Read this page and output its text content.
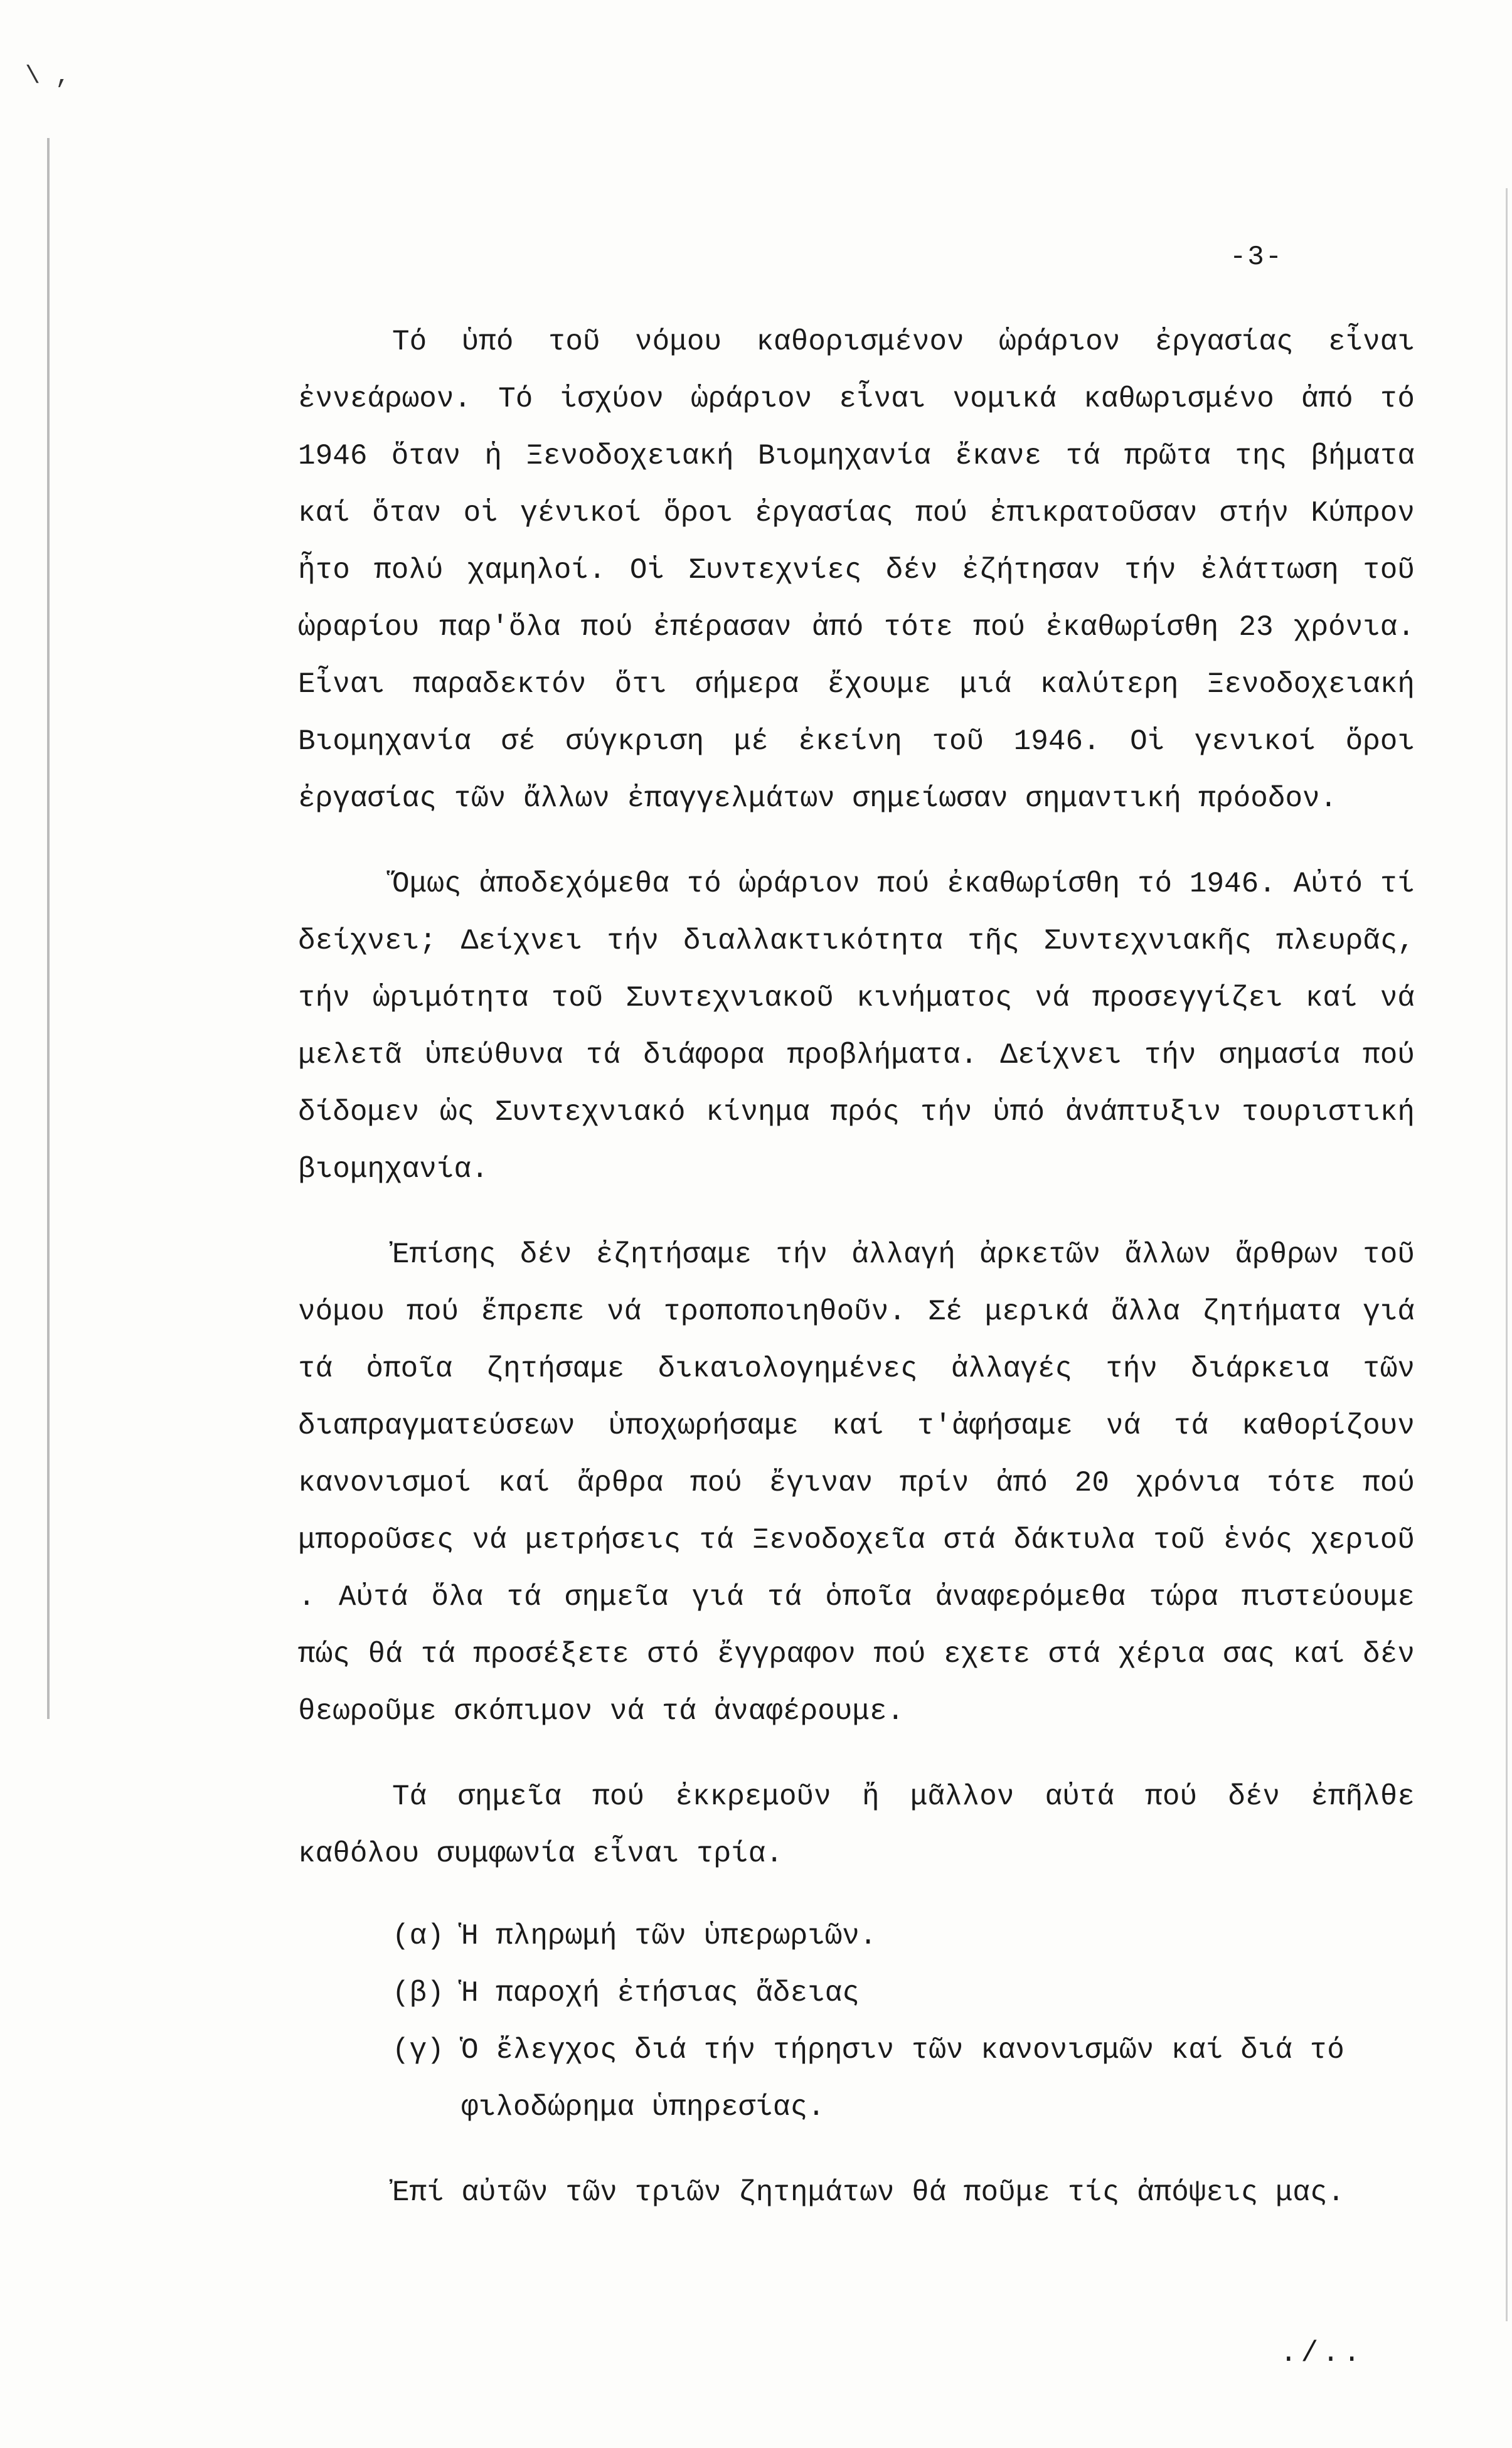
\ ,
-3-

Τό ὑπό τοῦ νόμου καθορισμένον ὡράριον ἐργασίας εἶναι ἐννεάρωον. Τό ἰσχύον ὡράριον εἶναι νομικά καθωρισμένο ἀπό τό 1946 ὅταν ἡ Ξενοδοχειακή Βιομηχανία ἔκανε τά πρῶτα της βήματα καί ὅταν οἱ γένικοί ὅροι ἐργασίας πού ἐπικρατοῦσαν στήν Κύπρον ἦτο πολύ χαμηλοί. Οἱ Συντεχνίες δέν ἐζήτησαν τήν ἐλάττωση τοῦ ὡραρίου παρ'ὅλα πού ἐπέρασαν ἀπό τότε πού ἐκαθωρίσθη 23 χρόνια. Εἶναι παραδεκτόν ὅτι σήμερα ἔχουμε μιά καλύτερη Ξενοδοχειακή Βιομηχανία σέ σύγκριση μέ ἐκείνη τοῦ 1946. Οἱ γενικοί ὅροι ἐργασίας τῶν ἄλλων ἐπαγγελμάτων σημείωσαν σημαντική πρόοδον.

Ὅμως ἀποδεχόμεθα τό ὡράριον πού ἐκαθωρίσθη τό 1946. Αὐτό τί δείχνει; Δείχνει τήν διαλλακτικότητα τῆς Συντεχνιακῆς πλευρᾶς, τήν ὡριμότητα τοῦ Συντεχνιακοῦ κινήματος νά προσεγγίζει καί νά μελετᾶ ὑπεύθυνα τά διάφορα προβλήματα. Δείχνει τήν σημασία πού δίδομεν ὡς Συντεχνιακό κίνημα πρός τήν ὑπό ἀνάπτυξιν τουριστική βιομηχανία.

Ἐπίσης δέν ἐζητήσαμε τήν ἀλλαγή ἀρκετῶν ἄλλων ἄρθρων τοῦ νόμου πού ἔπρεπε νά τροποποιηθοῦν. Σέ μερικά ἄλλα ζητήματα γιά τά ὁποῖα ζητήσαμε δικαιολογημένες ἀλλαγές τήν διάρκεια τῶν διαπραγματεύσεων ὑποχωρήσαμε καί τ'ἀφήσαμε νά τά καθορίζουν κανονισμοί καί ἄρθρα πού ἔγιναν πρίν ἀπό 20 χρόνια τότε πού μποροῦσες νά μετρήσεις τά Ξενοδοχεῖα στά δάκτυλα τοῦ ἑνός χεριοῦ . Αὐτά ὅλα τά σημεῖα γιά τά ὁποῖα ἀναφερόμεθα τώρα πιστεύουμε πώς θά τά προσέξετε στό ἔγγραφον πού εχετε στά χέρια σας καί δέν θεωροῦμε σκόπιμον νά τά ἀναφέρουμε.

Τά σημεῖα πού ἐκκρεμοῦν ἤ μᾶλλον αὐτά πού δέν ἐπῆλθε καθόλου συμφωνία εἶναι τρία.

(α) Ἡ πληρωμή τῶν ὑπερωριῶν.
(β) Ἡ παροχή ἐτήσιας ἄδειας
(γ) Ὁ ἔλεγχος διά τήν τήρησιν τῶν κανονισμῶν καί διά τό φιλοδώρημα ὑπηρεσίας.

Ἐπί αὐτῶν τῶν τριῶν ζητημάτων θά ποῦμε τίς ἀπόψεις μας.

./..
